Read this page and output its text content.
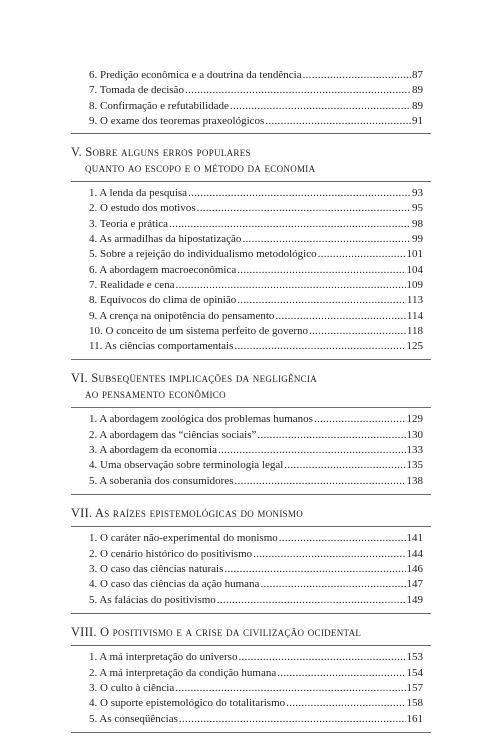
6. Predição econômica e a doutrina da tendência .....	87
7. Tomada de decisão .....	89
8. Confirmação e refutabilidade .....	89
9. O exame dos teoremas praxeológicos .....	91
V. Sobre alguns erros populares
quanto ao escopo e o método da economia
1. A lenda da pesquisa .....	93
2. O estudo dos motivos .....	95
3. Teoria e prática .....	98
4. As armadilhas da hipostatização .....	99
5. Sobre a rejeição do individualismo metodológico .....	101
6. A abordagem macroeconômica .....	104
7. Realidade e cena .....	109
8. Equívocos do clima de opinião .....	113
9. A crença na onipotência do pensamento .....	114
10. O conceito de um sistema perfeito de governo .....	118
11. As ciências comportamentais .....	125
VI. Subseqüentes implicações da negligência
ao pensamento econômico
1. A abordagem zoológica dos problemas humanos .....	129
2. A abordagem das “ciências sociais” .....	130
3. A abordagem da economia .....	133
4. Uma observação sobre terminologia legal .....	135
5. A soberania dos consumidores .....	138
VII. As raízes epistemológicas do monismo
1. O caráter não-experimental do monismo .....	141
2. O cenário histórico do positivismo .....	144
3. O caso das ciências naturais .....	146
4. O caso das ciências da ação humana .....	147
5. As falácias do positivismo .....	149
VIII. O positivismo e a crise da civilização ocidental
1. A má interpretação do universo .....	153
2. A má interpretação da condição humana .....	154
3. O culto à ciência .....	157
4. O suporte epistemológico do totalitarismo .....	158
5. As conseqüências .....	161
